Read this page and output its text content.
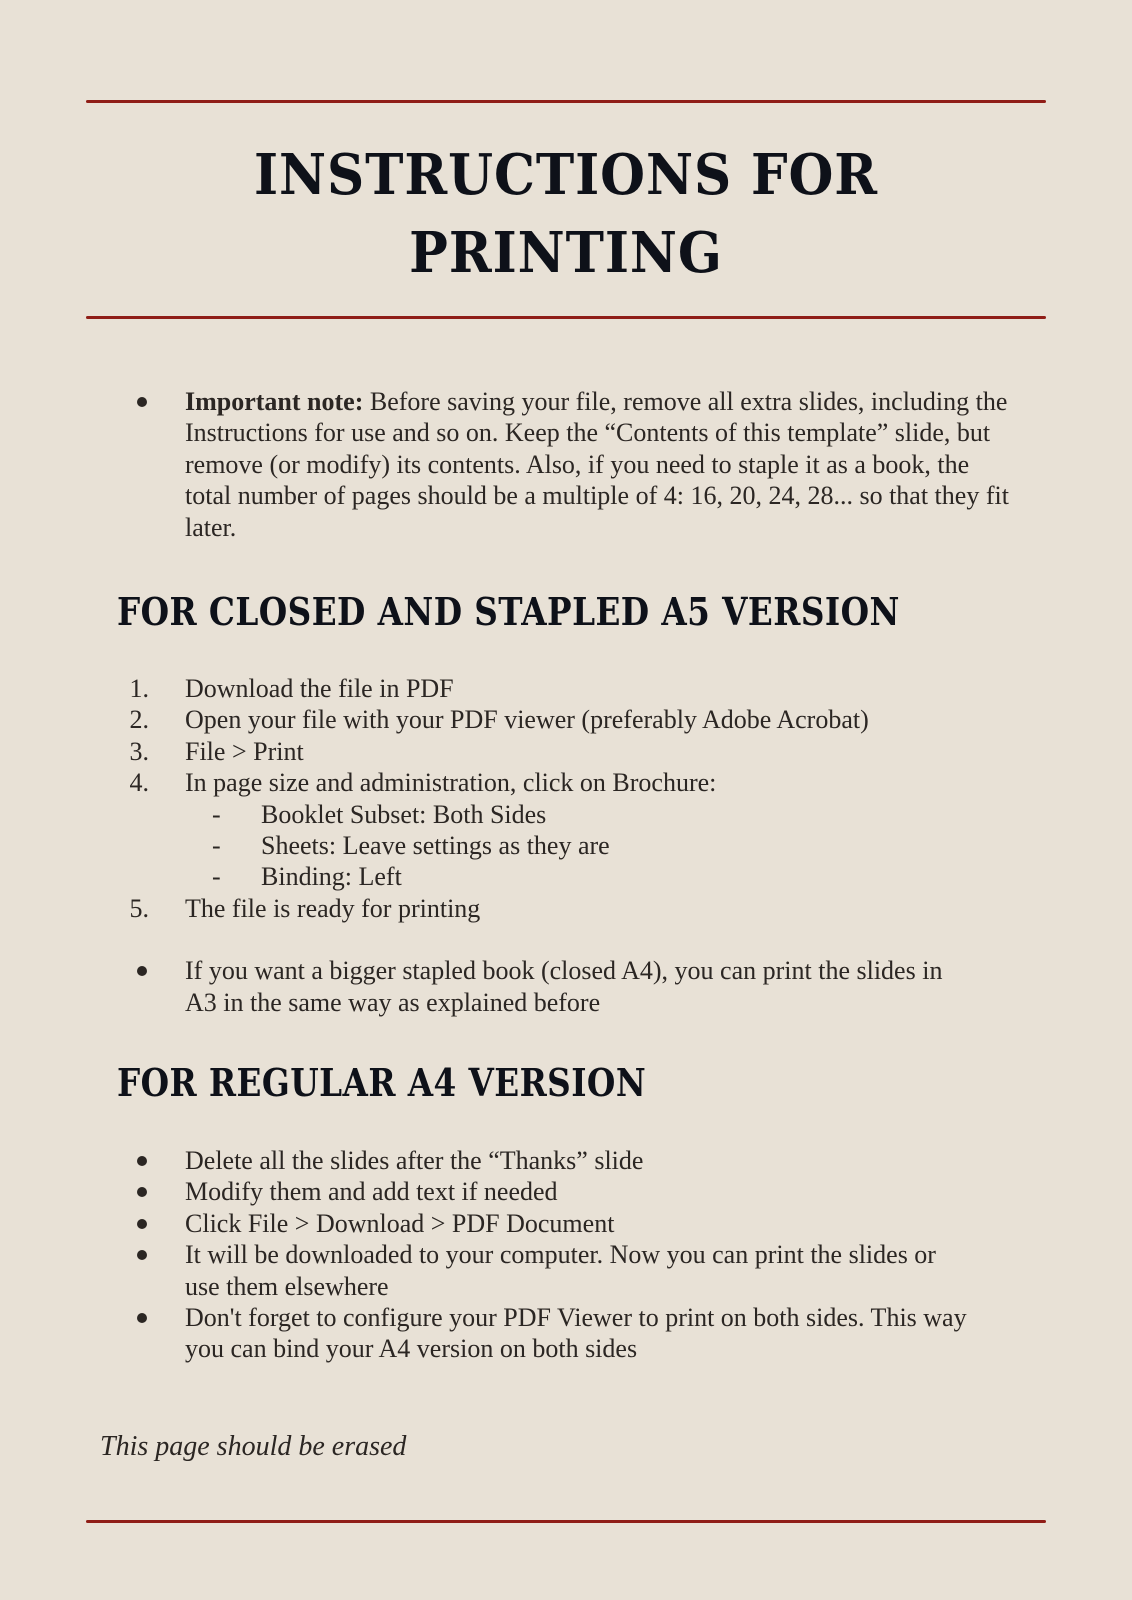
INSTRUCTIONS FOR
PRINTING
Important note: Before saving your file, remove all extra slides, including the Instructions for use and so on. Keep the “Contents of this template” slide, but remove (or modify) its contents. Also, if you need to staple it as a book, the total number of pages should be a multiple of 4: 16, 20, 24, 28... so that they fit later.
FOR CLOSED AND STAPLED A5 VERSION
1. Download the file in PDF
2. Open your file with your PDF viewer (preferably Adobe Acrobat)
3. File > Print
4. In page size and administration, click on Brochure:
- Booklet Subset: Both Sides
- Sheets: Leave settings as they are
- Binding: Left
5. The file is ready for printing
If you want a bigger stapled book (closed A4), you can print the slides in A3 in the same way as explained before
FOR REGULAR A4 VERSION
Delete all the slides after the “Thanks” slide
Modify them and add text if needed
Click File > Download > PDF Document
It will be downloaded to your computer. Now you can print the slides or use them elsewhere
Don't forget to configure your PDF Viewer to print on both sides. This way you can bind your A4 version on both sides
This page should be erased
